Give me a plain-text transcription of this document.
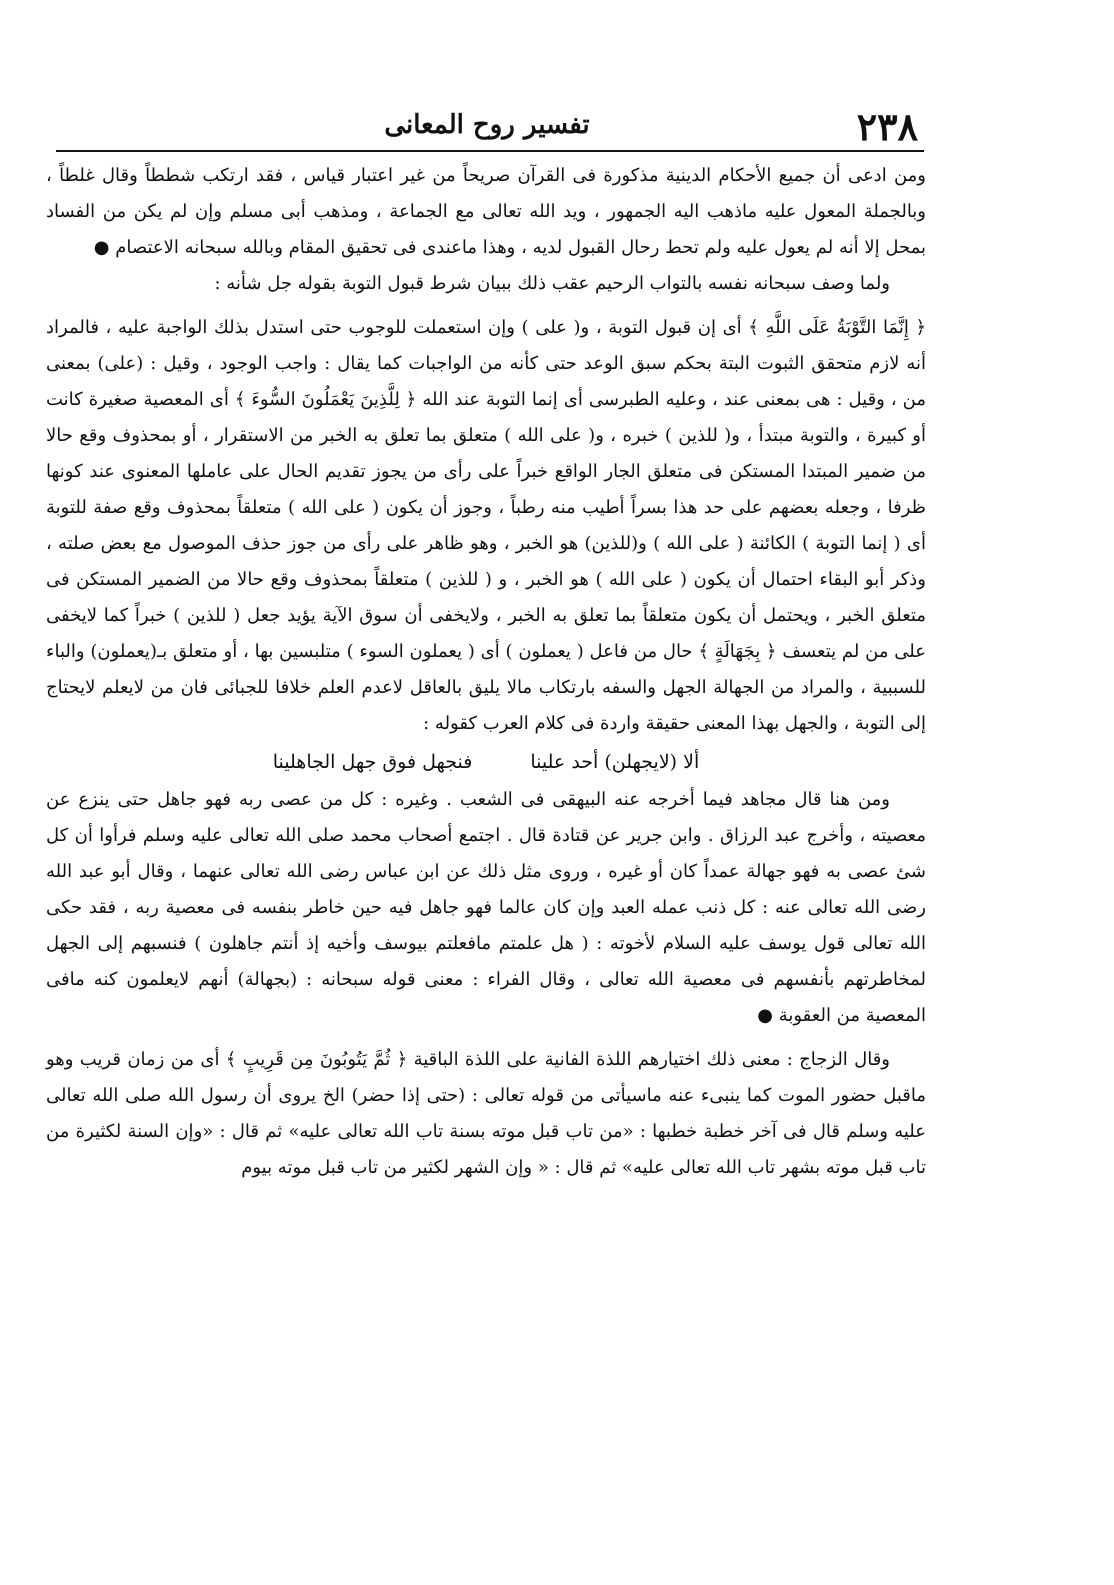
٢٣٨
تفسير روح المعانى

ومن ادعى أن جميع الأحكام الدينية مذكورة فى القرآن صريحاً من غير اعتبار قياس ، فقد ارتكب شططاً وقال غلطاً ، وبالجملة المعول عليه ماذهب اليه الجمهور ، ويد الله تعالى مع الجماعة ، ومذهب أبى مسلم وإن لم يكن من الفساد بمحل إلا أنه لم يعول عليه ولم تحط رحال القبول لديه ، وهذا ماعندى فى تحقيق المقام وبالله سبحانه الاعتصام ●

ولما وصف سبحانه نفسه بالتواب الرحيم عقب ذلك ببيان شرط قبول التوبة بقوله جل شأنه :

﴿ إِنَّمَا التَّوْبَةُ عَلَى اللَّهِ ﴾ أى إن قبول التوبة ، و( على ) وإن استعملت للوجوب حتى استدل بذلك الواجبة عليه ، فالمراد أنه لازم متحقق الثبوت البتة بحكم سبق الوعد حتى كأنه من الواجبات كما يقال : واجب الوجود ، وقيل : (على) بمعنى من ، وقيل : هى بمعنى عند ، وعليه الطبرسى أى إنما التوبة عند الله ﴿ لِلَّذِينَ يَعْمَلُونَ السُّوءَ ﴾ أى المعصية صغيرة كانت أو كبيرة ، والتوبة مبتدأ ، و( للذين ) خبره ، و( على الله ) متعلق بما تعلق به الخبر من الاستقرار ، أو بمحذوف وقع حالا من ضمير المبتدا المستكن فى متعلق الجار الواقع خبراً على رأى من يجوز تقديم الحال على عاملها المعنوى عند كونها ظرفا ، وجعله بعضهم على حد هذا بسراً أطيب منه رطباً ، وجوز أن يكون ( على الله ) متعلقاً بمحذوف وقع صفة للتوبة أى ( إنما التوبة ) الكائنة ( على الله ) و(للذين) هو الخبر ، وهو ظاهر على رأى من جوز حذف الموصول مع بعض صلته ، وذكر أبو البقاء احتمال أن يكون ( على الله ) هو الخبر ، و ( للذين ) متعلقاً بمحذوف وقع حالا من الضمير المستكن فى متعلق الخبر ، ويحتمل أن يكون متعلقاً بما تعلق به الخبر ، ولايخفى أن سوق الآية يؤيد جعل ( للذين ) خبراً كما لايخفى على من لم يتعسف ﴿ بِجَهَالَةٍ ﴾ حال من فاعل ( يعملون ) أى ( يعملون السوء ) متلبسين بها ، أو متعلق بـ(يعملون) والباء للسببية ، والمراد من الجهالة الجهل والسفه بارتكاب مالا يليق بالعاقل لاعدم العلم خلافا للجبائى فان من لايعلم لايحتاج إلى التوبة ، والجهل بهذا المعنى حقيقة واردة فى كلام العرب كقوله :

ألا (لايجهلن) أحد علينا فنجهل فوق جهل الجاهلينا

ومن هنا قال مجاهد فيما أخرجه عنه البيهقى فى الشعب . وغيره : كل من عصى ربه فهو جاهل حتى ينزع عن معصيته ، وأخرج عبد الرزاق . وابن جرير عن قتادة قال . اجتمع أصحاب محمد صلى الله تعالى عليه وسلم فرأوا أن كل شئ عصى به فهو جهالة عمداً كان أو غيره ، وروى مثل ذلك عن ابن عباس رضى الله تعالى عنهما ، وقال أبو عبد الله رضى الله تعالى عنه : كل ذنب عمله العبد وإن كان عالما فهو جاهل فيه حين خاطر بنفسه فى معصية ربه ، فقد حكى الله تعالى قول يوسف عليه السلام لأخوته : ( هل علمتم مافعلتم بيوسف وأخيه إذ أنتم جاهلون ) فنسبهم إلى الجهل لمخاطرتهم بأنفسهم فى معصية الله تعالى ، وقال الفراء : معنى قوله سبحانه : (بجهالة) أنهم لايعلمون كنه مافى المعصية من العقوبة ●

وقال الزجاج : معنى ذلك اختيارهم اللذة الفانية على اللذة الباقية ﴿ ثُمَّ يَتُوبُونَ مِن قَرِيبٍ ﴾ أى من زمان قريب وهو ماقبل حضور الموت كما ينبىء عنه ماسيأتى من قوله تعالى : (حتى إذا حضر) الخ يروى أن رسول الله صلى الله تعالى عليه وسلم قال فى آخر خطبة خطبها : «من تاب قبل موته بسنة تاب الله تعالى عليه» ثم قال : «وإن السنة لكثيرة من تاب قبل موته بشهر تاب الله تعالى عليه» ثم قال : « وإن الشهر لكثير من تاب قبل موته بيوم
